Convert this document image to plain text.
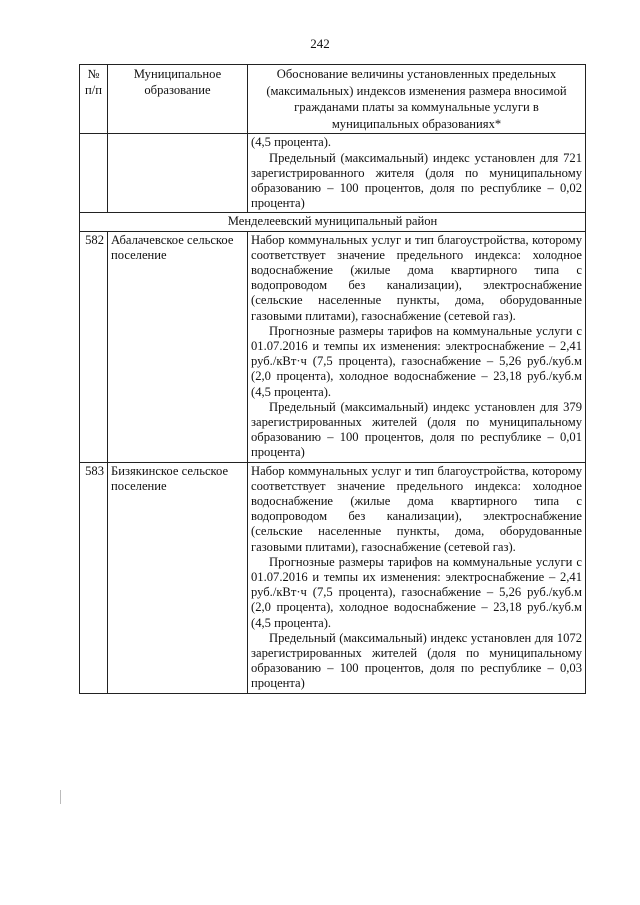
242
№ п/п	Муниципальное образование	Обоснование величины установленных предельных (максимальных) индексов изменения размера вносимой гражданами платы за коммунальные услуги в муниципальных образованиях*

		(4,5 процента).

Предельный (максимальный) индекс установлен для 721 зарегистрированного жителя (доля по муниципальному образованию – 100 процентов, доля по республике – 0,02 процента)

Менделеевский муниципальный район		
582	Абалачевское сельское поселение	Набор коммунальных услуг и тип благоустройства, которому соответствует значение предельного индекса: холодное водоснабжение (жилые дома квартирного типа с водопроводом без канализации), электроснабжение (сельские населенные пункты, дома, оборудованные газовыми плитами), газоснабжение (сетевой газ).

Прогнозные размеры тарифов на коммунальные услуги с 01.07.2016 и темпы их изменения: электроснабжение – 2,41 руб./кВт·ч (7,5 процента), газоснабжение – 5,26 руб./куб.м (2,0 процента), холодное водоснабжение – 23,18 руб./куб.м (4,5 процента).

Предельный (максимальный) индекс установлен для 379 зарегистрированных жителей (доля по муниципальному образованию – 100 процентов, доля по республике – 0,01 процента)

583	Бизякинское сельское поселение	Набор коммунальных услуг и тип благоустройства, которому соответствует значение предельного индекса: холодное водоснабжение (жилые дома квартирного типа с водопроводом без канализации), электроснабжение (сельские населенные пункты, дома, оборудованные газовыми плитами), газоснабжение (сетевой газ).

Прогнозные размеры тарифов на коммунальные услуги с 01.07.2016 и темпы их изменения: электроснабжение – 2,41 руб./кВт·ч (7,5 процента), газоснабжение – 5,26 руб./куб.м (2,0 процента), холодное водоснабжение – 23,18 руб./куб.м (4,5 процента).

Предельный (максимальный) индекс установлен для 1072 зарегистрированных жителей (доля по муниципальному образованию – 100 процентов, доля по республике – 0,03 процента)
